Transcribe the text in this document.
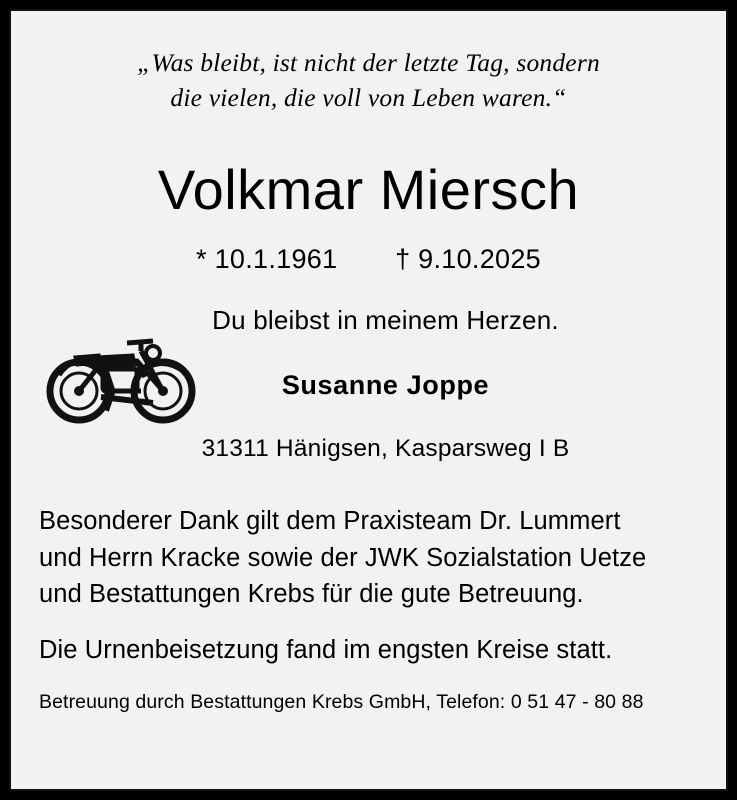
„Was bleibt, ist nicht der letzte Tag, sondern
die vielen, die voll von Leben waren.“
Volkmar Miersch
* 10.1.1961 † 9.10.2025
Du bleibst in meinem Herzen.
Susanne Joppe
31311 Hänigsen, Kasparsweg I B
Besonderer Dank gilt dem Praxisteam Dr. Lummert
und Herrn Kracke sowie der JWK Sozialstation Uetze
und Bestattungen Krebs für die gute Betreuung.
Die Urnenbeisetzung fand im engsten Kreise statt.
Betreuung durch Bestattungen Krebs GmbH, Telefon: 0 51 47 - 80 88
